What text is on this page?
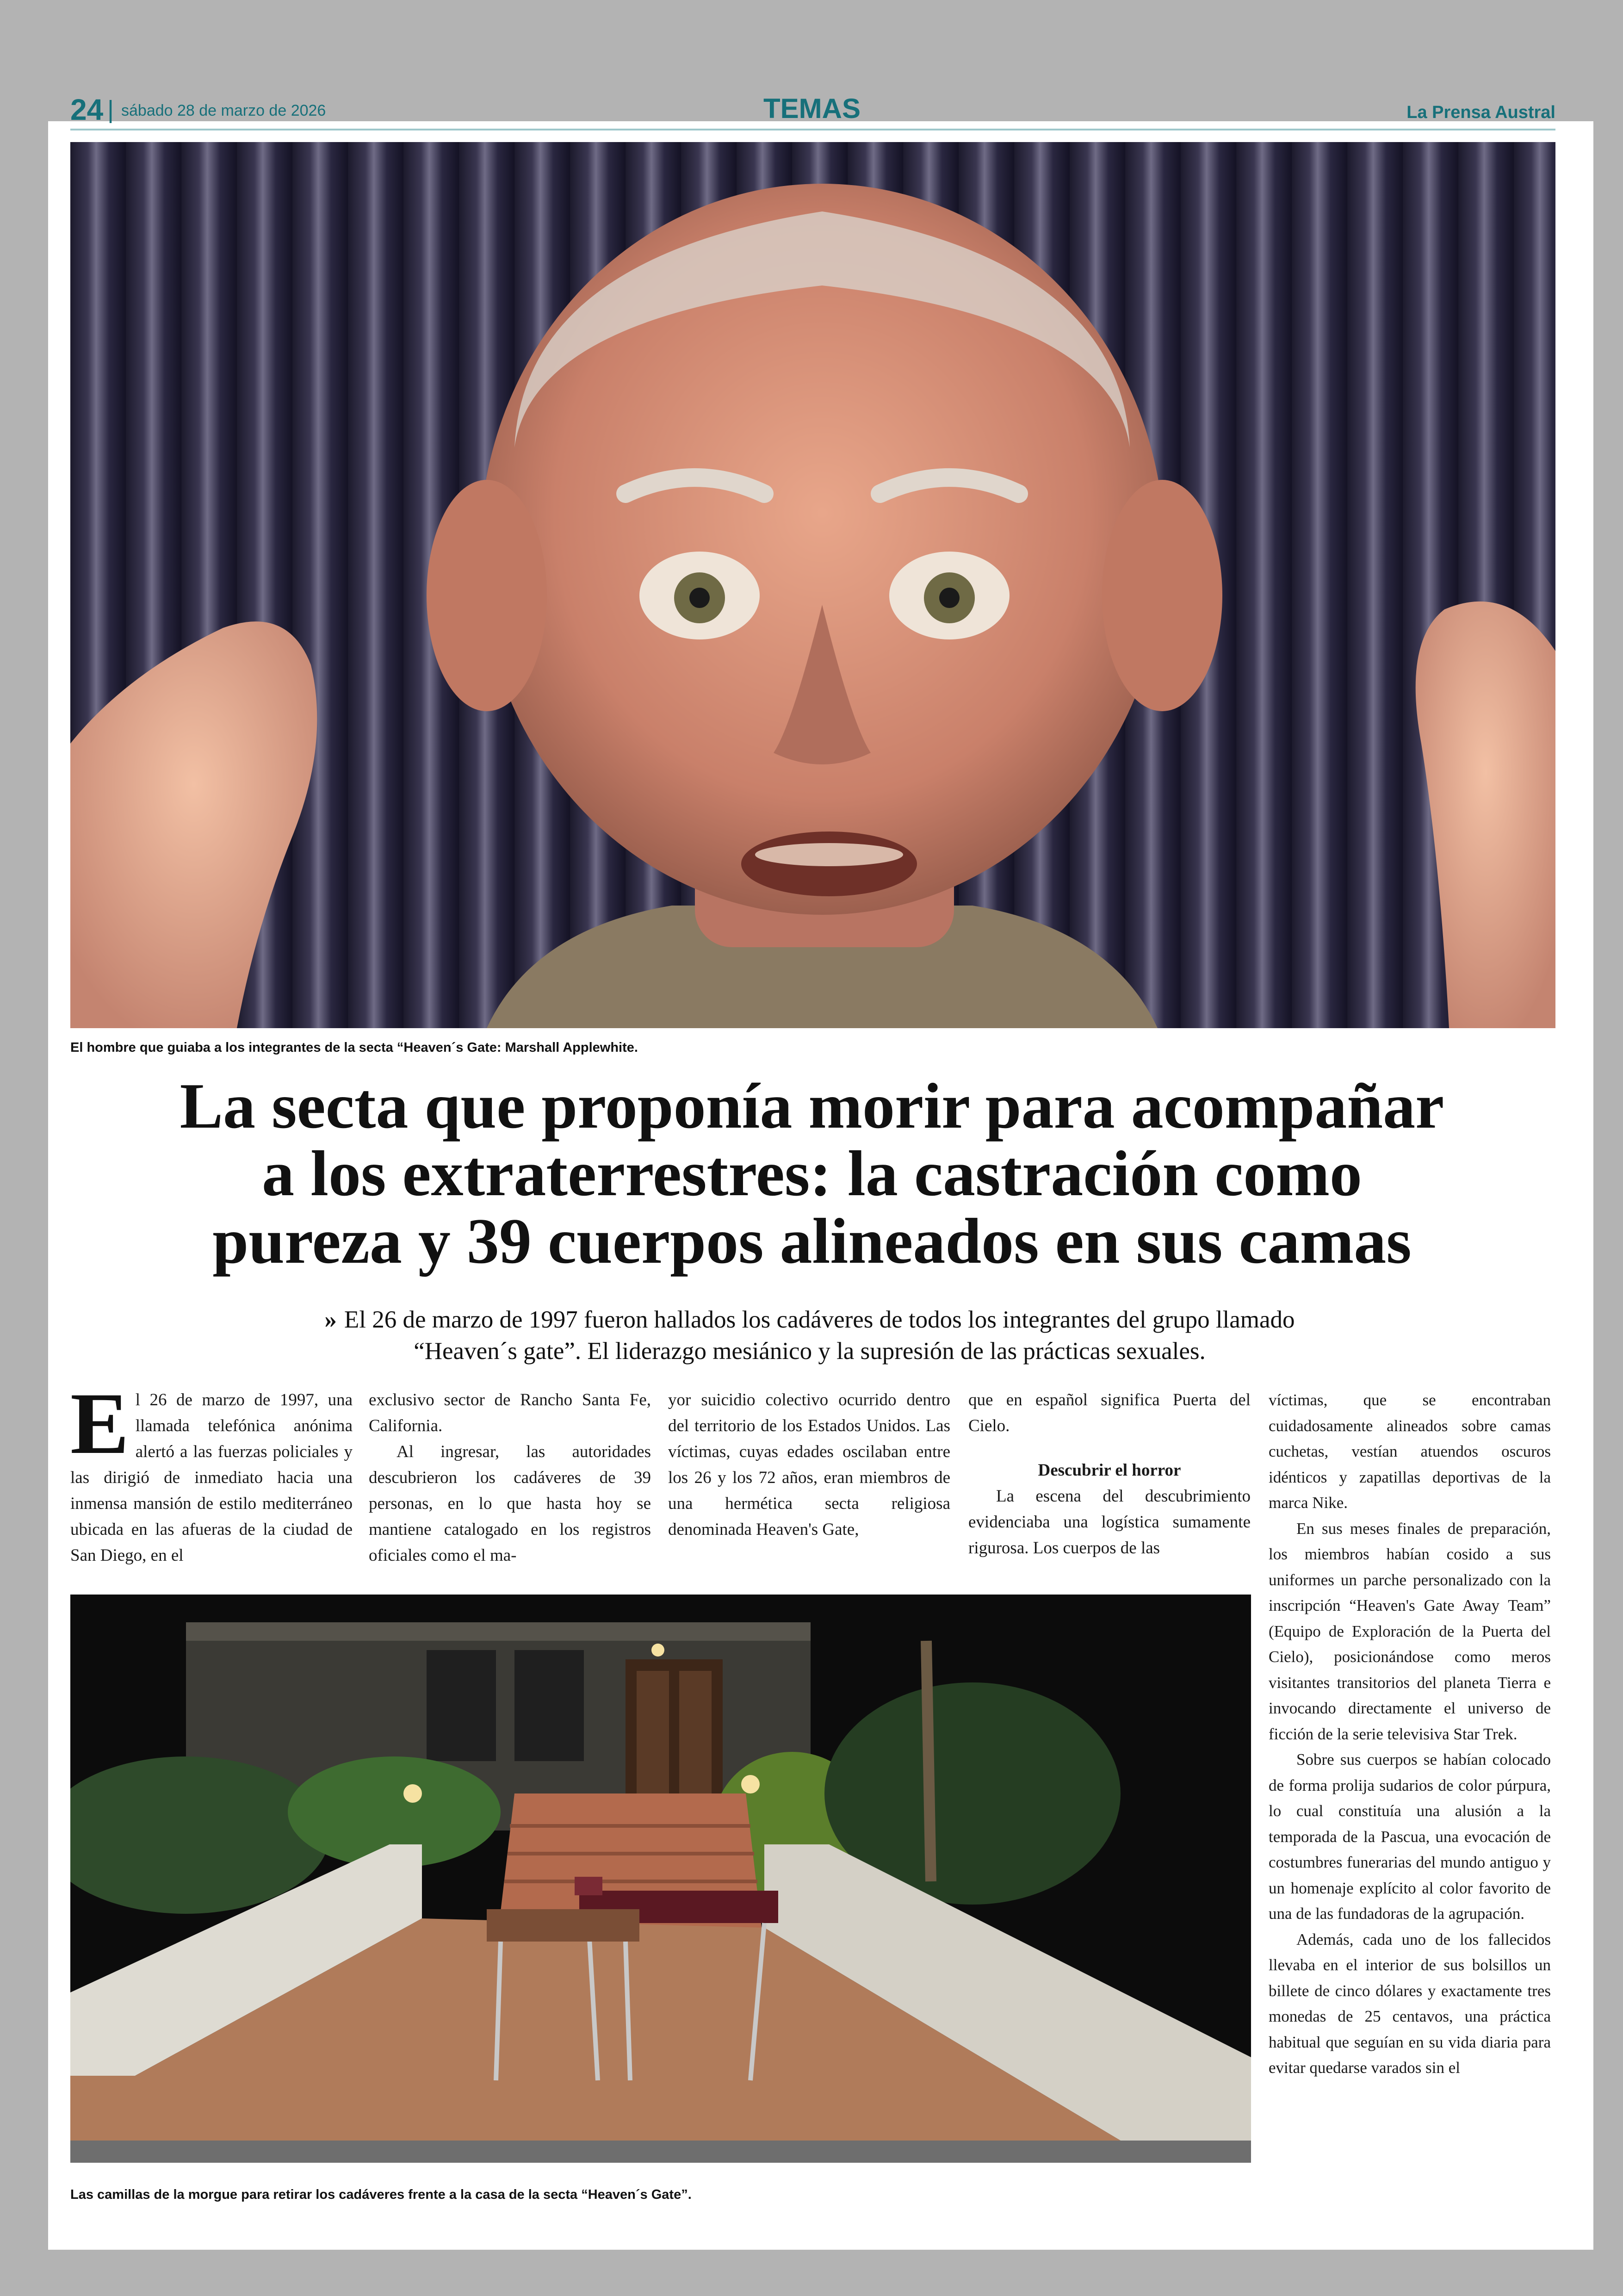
24 | sábado 28 de marzo de 2026	TEMAS	La Prensa Austral
El hombre que guiaba a los integrantes de la secta “Heaven´s Gate: Marshall Applewhite.
La secta que proponía morir para acompañar
a los extraterrestres: la castración como
pureza y 39 cuerpos alineados en sus camas
» El 26 de marzo de 1997 fueron hallados los cadáveres de todos los integrantes del grupo llamado “Heaven´s gate”. El liderazgo mesiánico y la supresión de las prácticas sexuales.

El 26 de marzo de 1997, una llamada telefónica anónima alertó a las fuerzas policiales y las dirigió de inmediato hacia una inmensa mansión de estilo mediterráneo ubicada en las afueras de la ciudad de San Diego, en el

exclusivo sector de Rancho Santa Fe, California.

Al ingresar, las autoridades descubrieron los cadáveres de 39 personas, en lo que hasta hoy se mantiene catalogado en los registros oficiales como el ma-

yor suicidio colectivo ocurrido dentro del territorio de los Estados Unidos. Las víctimas, cuyas edades oscilaban entre los 26 y los 72 años, eran miembros de una hermética secta religiosa denominada Heaven's Gate,

que en español significa Puerta del Cielo.

Descubrir el horror

La escena del descubrimiento evidenciaba una logística sumamente rigurosa. Los cuerpos de las

víctimas, que se encontraban cuidadosamente alineados sobre camas cuchetas, vestían atuendos oscuros idénticos y zapatillas deportivas de la marca Nike.

En sus meses finales de preparación, los miembros habían cosido a sus uniformes un parche personalizado con la inscripción “Heaven's Gate Away Team” (Equipo de Exploración de la Puerta del Cielo), posicionándose como meros visitantes transitorios del planeta Tierra e invocando directamente el universo de ficción de la serie televisiva Star Trek.

Sobre sus cuerpos se habían colocado de forma prolija sudarios de color púrpura, lo cual constituía una alusión a la temporada de la Pascua, una evocación de costumbres funerarias del mundo antiguo y un homenaje explícito al color favorito de una de las fundadoras de la agrupación.

Además, cada uno de los fallecidos llevaba en el interior de sus bolsillos un billete de cinco dólares y exactamente tres monedas de 25 centavos, una práctica habitual que seguían en su vida diaria para evitar quedarse varados sin el

Las camillas de la morgue para retirar los cadáveres frente a la casa de la secta “Heaven´s Gate”.
